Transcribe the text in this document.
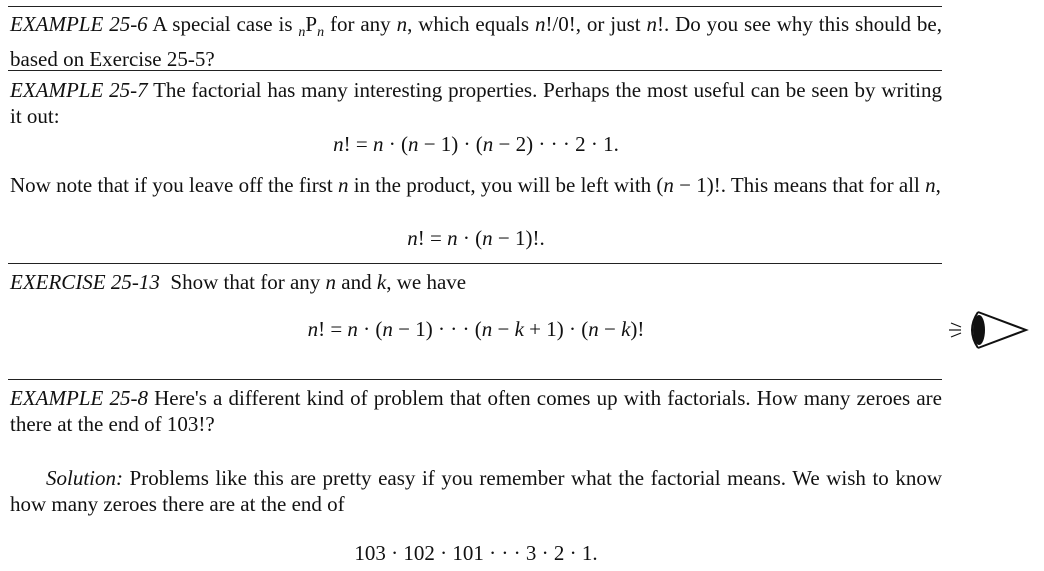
EXAMPLE 25-6 A special case is $_nP_n$ for any n, which equals n!/0!, or just n!. Do you see why this should be, based on Exercise 25-5?
EXAMPLE 25-7 The factorial has many interesting properties. Perhaps the most useful can be seen by writing it out:
n! = n · (n − 1) · (n − 2) · · · 2 · 1.
Now note that if you leave off the first n in the product, you will be left with (n − 1)!. This means that for all n,
n! = n · (n − 1)!.
EXERCISE 25-13  Show that for any n and k, we have
n! = n · (n − 1) · · · (n − k + 1) · (n − k)!
EXAMPLE 25-8 Here's a different kind of problem that often comes up with factorials. How many zeroes are there at the end of 103!?
Solution: Problems like this are pretty easy if you remember what the factorial means. We wish to know how many zeroes there are at the end of
103 · 102 · 101 · · · 3 · 2 · 1.
